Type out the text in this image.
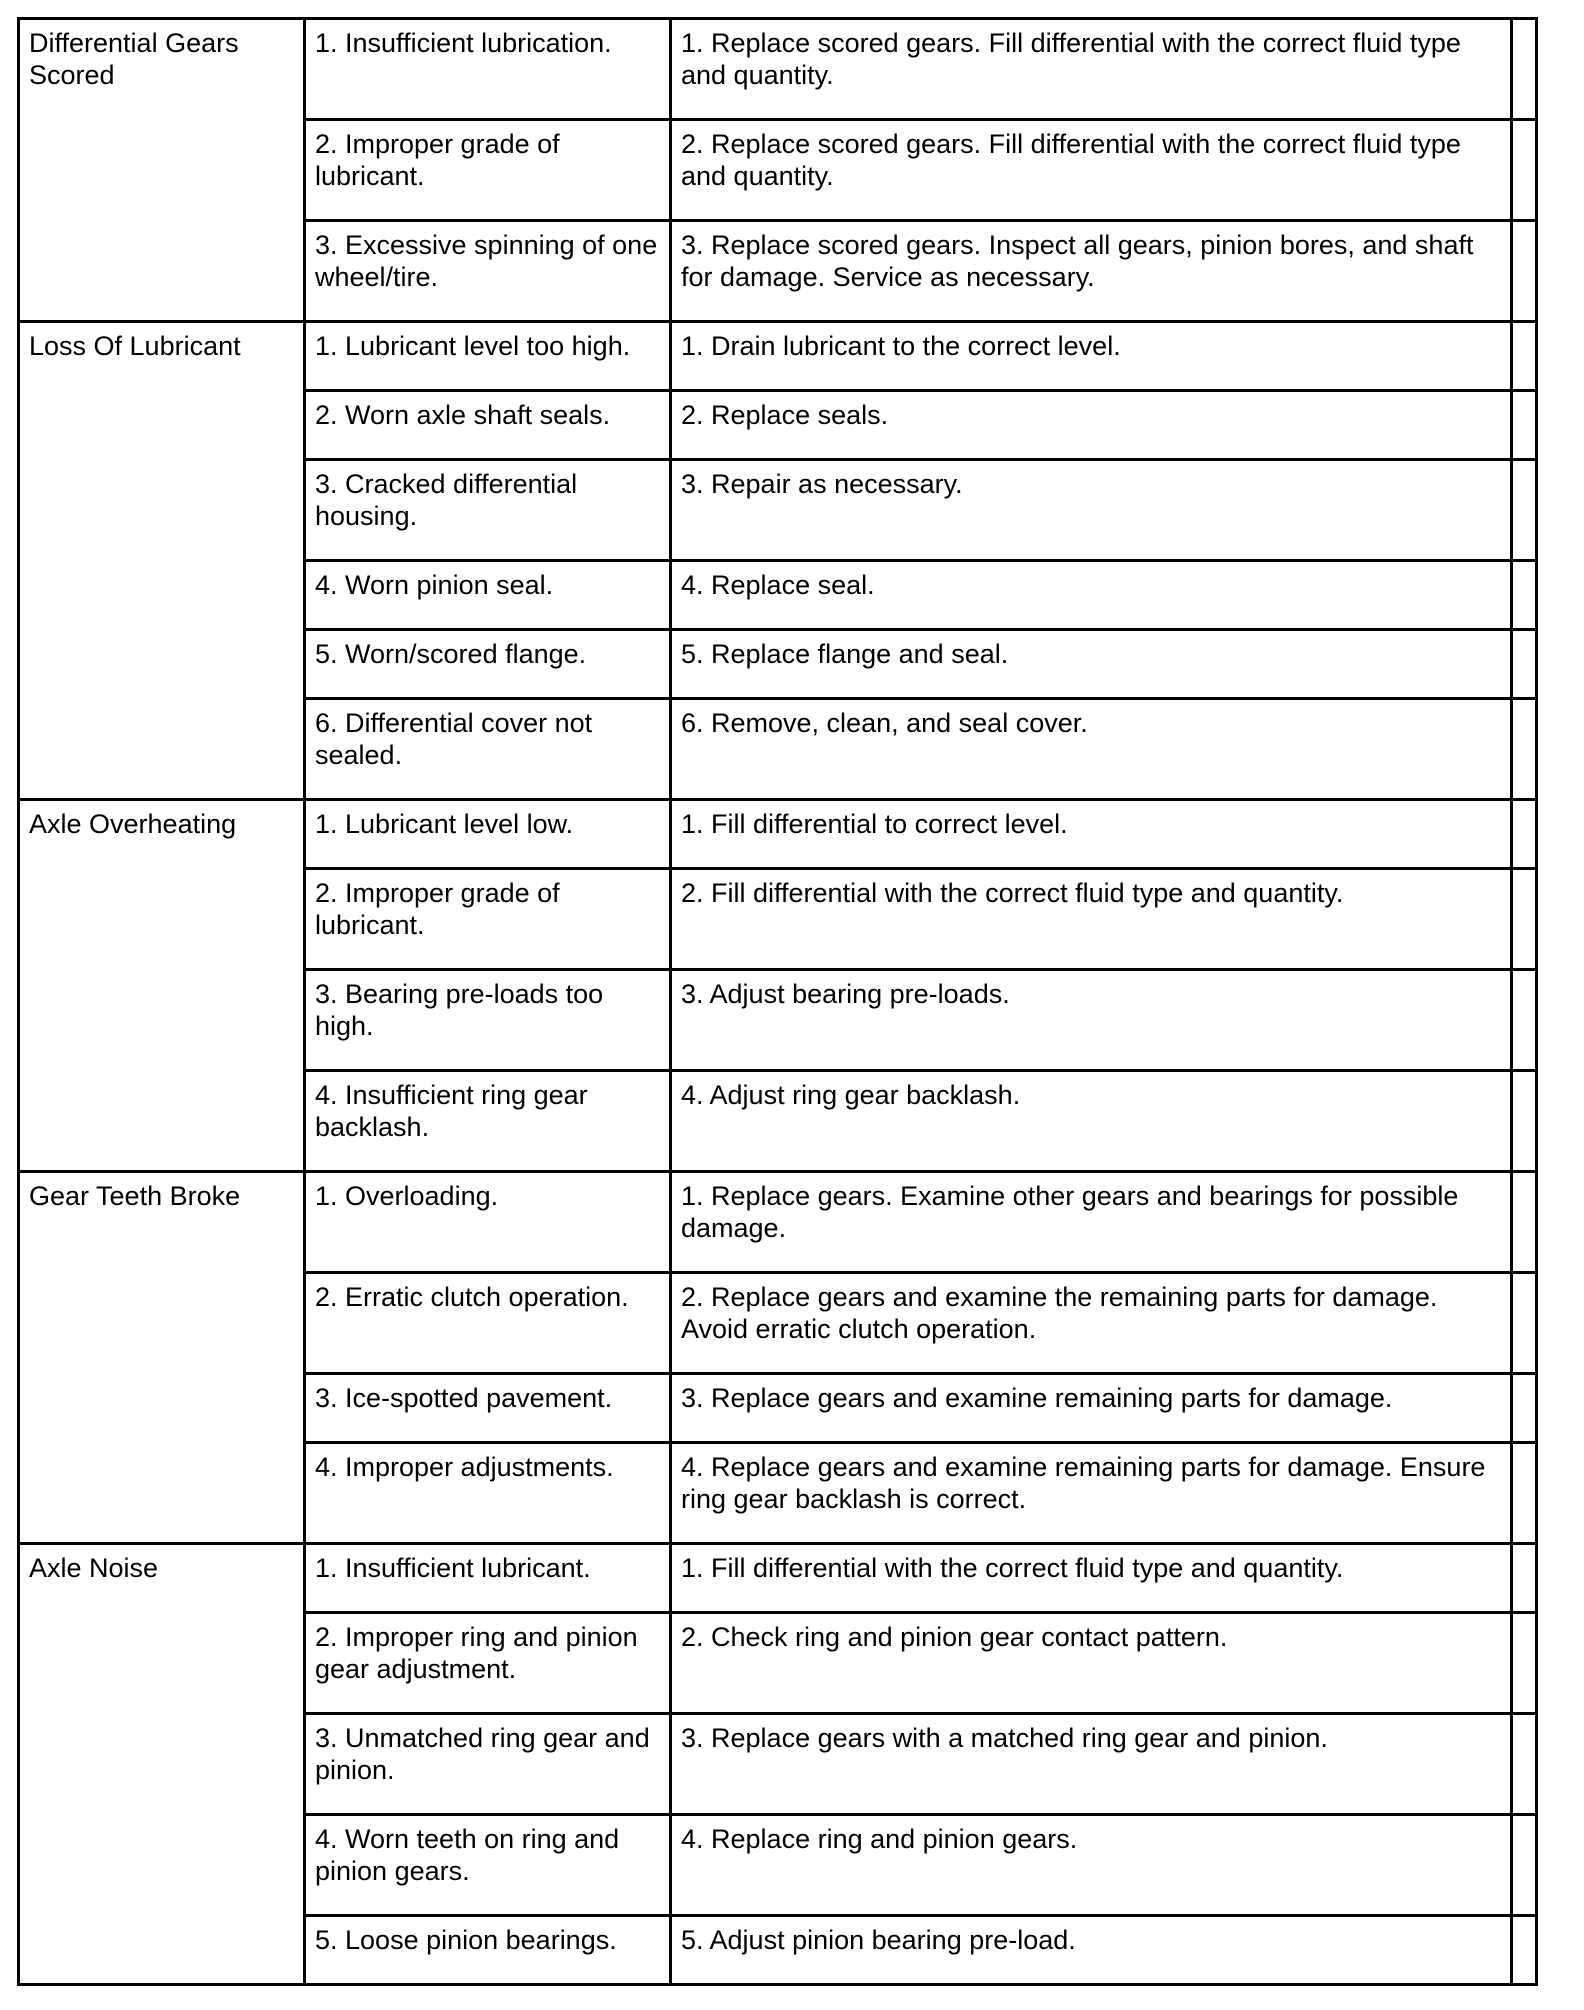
Differential Gears Scored	1. Insufficient lubrication.	1. Replace scored gears. Fill differential with the correct fluid type and quantity.	
	2. Improper grade of lubricant.	2. Replace scored gears. Fill differential with the correct fluid type and quantity.	
	3. Excessive spinning of one wheel/tire.	3. Replace scored gears. Inspect all gears, pinion bores, and shaft for damage. Service as necessary.	
Loss Of Lubricant	1. Lubricant level too high.	1. Drain lubricant to the correct level.	
	2. Worn axle shaft seals.	2. Replace seals.	
	3. Cracked differential housing.	3. Repair as necessary.	
	4. Worn pinion seal.	4. Replace seal.	
	5. Worn/scored flange.	5. Replace flange and seal.	
	6. Differential cover not sealed.	6. Remove, clean, and seal cover.	
Axle Overheating	1. Lubricant level low.	1. Fill differential to correct level.	
	2. Improper grade of lubricant.	2. Fill differential with the correct fluid type and quantity.	
	3. Bearing pre-loads too high.	3. Adjust bearing pre-loads.	
	4. Insufficient ring gear backlash.	4. Adjust ring gear backlash.	
Gear Teeth Broke	1. Overloading.	1. Replace gears. Examine other gears and bearings for possible damage.	
	2. Erratic clutch operation.	2. Replace gears and examine the remaining parts for damage. Avoid erratic clutch operation.	
	3. Ice-spotted pavement.	3. Replace gears and examine remaining parts for damage.	
	4. Improper adjustments.	4. Replace gears and examine remaining parts for damage. Ensure ring gear backlash is correct.	
Axle Noise	1. Insufficient lubricant.	1. Fill differential with the correct fluid type and quantity.	
	2. Improper ring and pinion gear adjustment.	2. Check ring and pinion gear contact pattern.	
	3. Unmatched ring gear and pinion.	3. Replace gears with a matched ring gear and pinion.	
	4. Worn teeth on ring and pinion gears.	4. Replace ring and pinion gears.	
	5. Loose pinion bearings.	5. Adjust pinion bearing pre-load.	
